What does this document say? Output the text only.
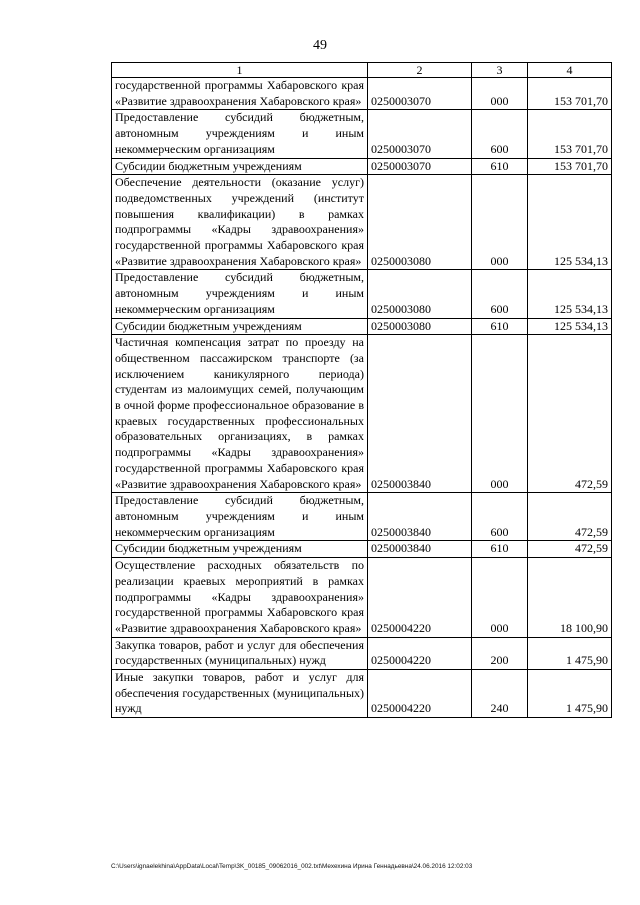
49
1	2	3	4
государственной программы Хабаровского края «Развитие здравоохранения Хабаровского края»	0250003070	000	153 701,70
Предоставление субсидий бюджетным, автономным учреждениям и иным некоммерческим организациям	0250003070	600	153 701,70
Субсидии бюджетным учреждениям	0250003070	610	153 701,70
Обеспечение деятельности (оказание услуг) подведомственных учреждений (институт повышения квалификации) в рамках подпрограммы «Кадры здравоохранения» государственной программы Хабаровского края «Развитие здравоохранения Хабаровского края»	0250003080	000	125 534,13
Предоставление субсидий бюджетным, автономным учреждениям и иным некоммерческим организациям	0250003080	600	125 534,13
Субсидии бюджетным учреждениям	0250003080	610	125 534,13
Частичная компенсация затрат по проезду на общественном пассажирском транспорте (за исключением каникулярного периода) студентам из малоимущих семей, получающим в очной форме профессиональное образование в краевых государственных профессиональных образовательных организациях, в рамках подпрограммы «Кадры здравоохранения» государственной программы Хабаровского края «Развитие здравоохранения Хабаровского края»	0250003840	000	472,59
Предоставление субсидий бюджетным, автономным учреждениям и иным некоммерческим организациям	0250003840	600	472,59
Субсидии бюджетным учреждениям	0250003840	610	472,59
Осуществление расходных обязательств по реализации краевых мероприятий в рамках подпрограммы «Кадры здравоохранения» государственной программы Хабаровского края «Развитие здравоохранения Хабаровского края»	0250004220	000	18 100,90
Закупка товаров, работ и услуг для обеспечения государственных (муниципальных) нужд	0250004220	200	1 475,90
Иные закупки товаров, работ и услуг для обеспечения государственных (муниципальных) нужд	0250004220	240	1 475,90
C:\Users\ignaelekhina\AppData\Local\Temp\3K_00185_09062016_002.txt\Мехехина Ирина Геннадьевна\24.06.2016 12:02:03
